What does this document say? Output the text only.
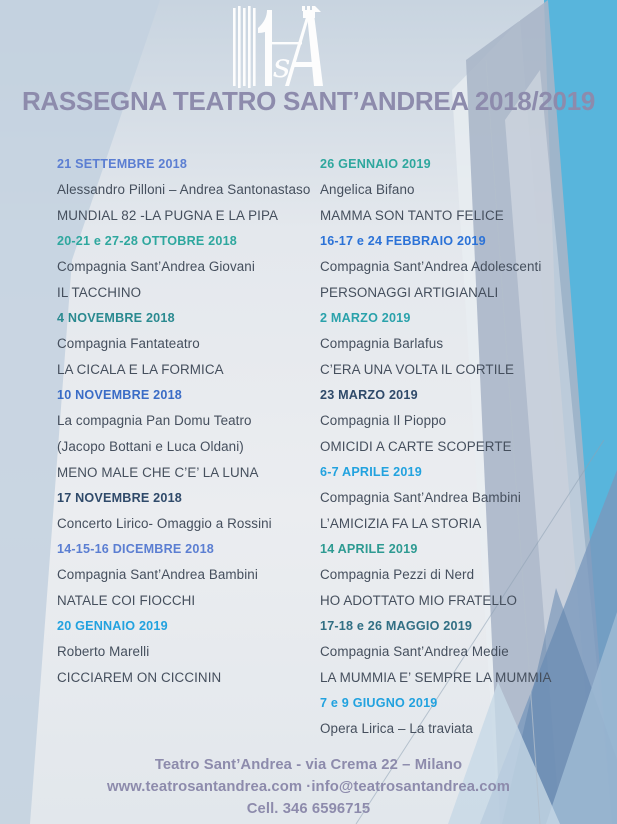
s
RASSEGNA TEATRO SANT’ANDREA 2018/2019
21 SETTEMBRE 2018
Alessandro Pilloni – Andrea Santonastaso
MUNDIAL 82 -LA PUGNA E LA PIPA
20-21 e 27-28 OTTOBRE 2018
Compagnia Sant’Andrea Giovani
IL TACCHINO
4 NOVEMBRE 2018
Compagnia Fantateatro
LA CICALA E LA FORMICA
10 NOVEMBRE 2018
La compagnia Pan Domu Teatro
(Jacopo Bottani e Luca Oldani)
MENO MALE CHE C’E’ LA LUNA
17 NOVEMBRE 2018
Concerto Lirico- Omaggio a Rossini
14-15-16 DICEMBRE 2018
Compagnia Sant’Andrea Bambini
NATALE COI FIOCCHI
20 GENNAIO 2019
Roberto Marelli
CICCIAREM ON CICCININ
26 GENNAIO 2019
Angelica Bifano
MAMMA SON TANTO FELICE
16-17 e 24 FEBBRAIO 2019
Compagnia Sant’Andrea Adolescenti
PERSONAGGI ARTIGIANALI
2 MARZO 2019
Compagnia Barlafus
C’ERA UNA VOLTA IL CORTILE
23 MARZO 2019
Compagnia Il Pioppo
OMICIDI A CARTE SCOPERTE
6-7 APRILE 2019
Compagnia Sant’Andrea Bambini
L’AMICIZIA FA LA STORIA
14 APRILE 2019
Compagnia Pezzi di Nerd
HO ADOTTATO MIO FRATELLO
17-18 e 26 MAGGIO 2019
Compagnia Sant’Andrea Medie
LA MUMMIA E’ SEMPRE LA MUMMIA
7 e 9 GIUGNO 2019
Opera Lirica – La traviata
Teatro Sant’Andrea - via Crema 22 – Milano
www.teatrosantandrea.com ·info@teatrosantandrea.com
Cell. 346 6596715
